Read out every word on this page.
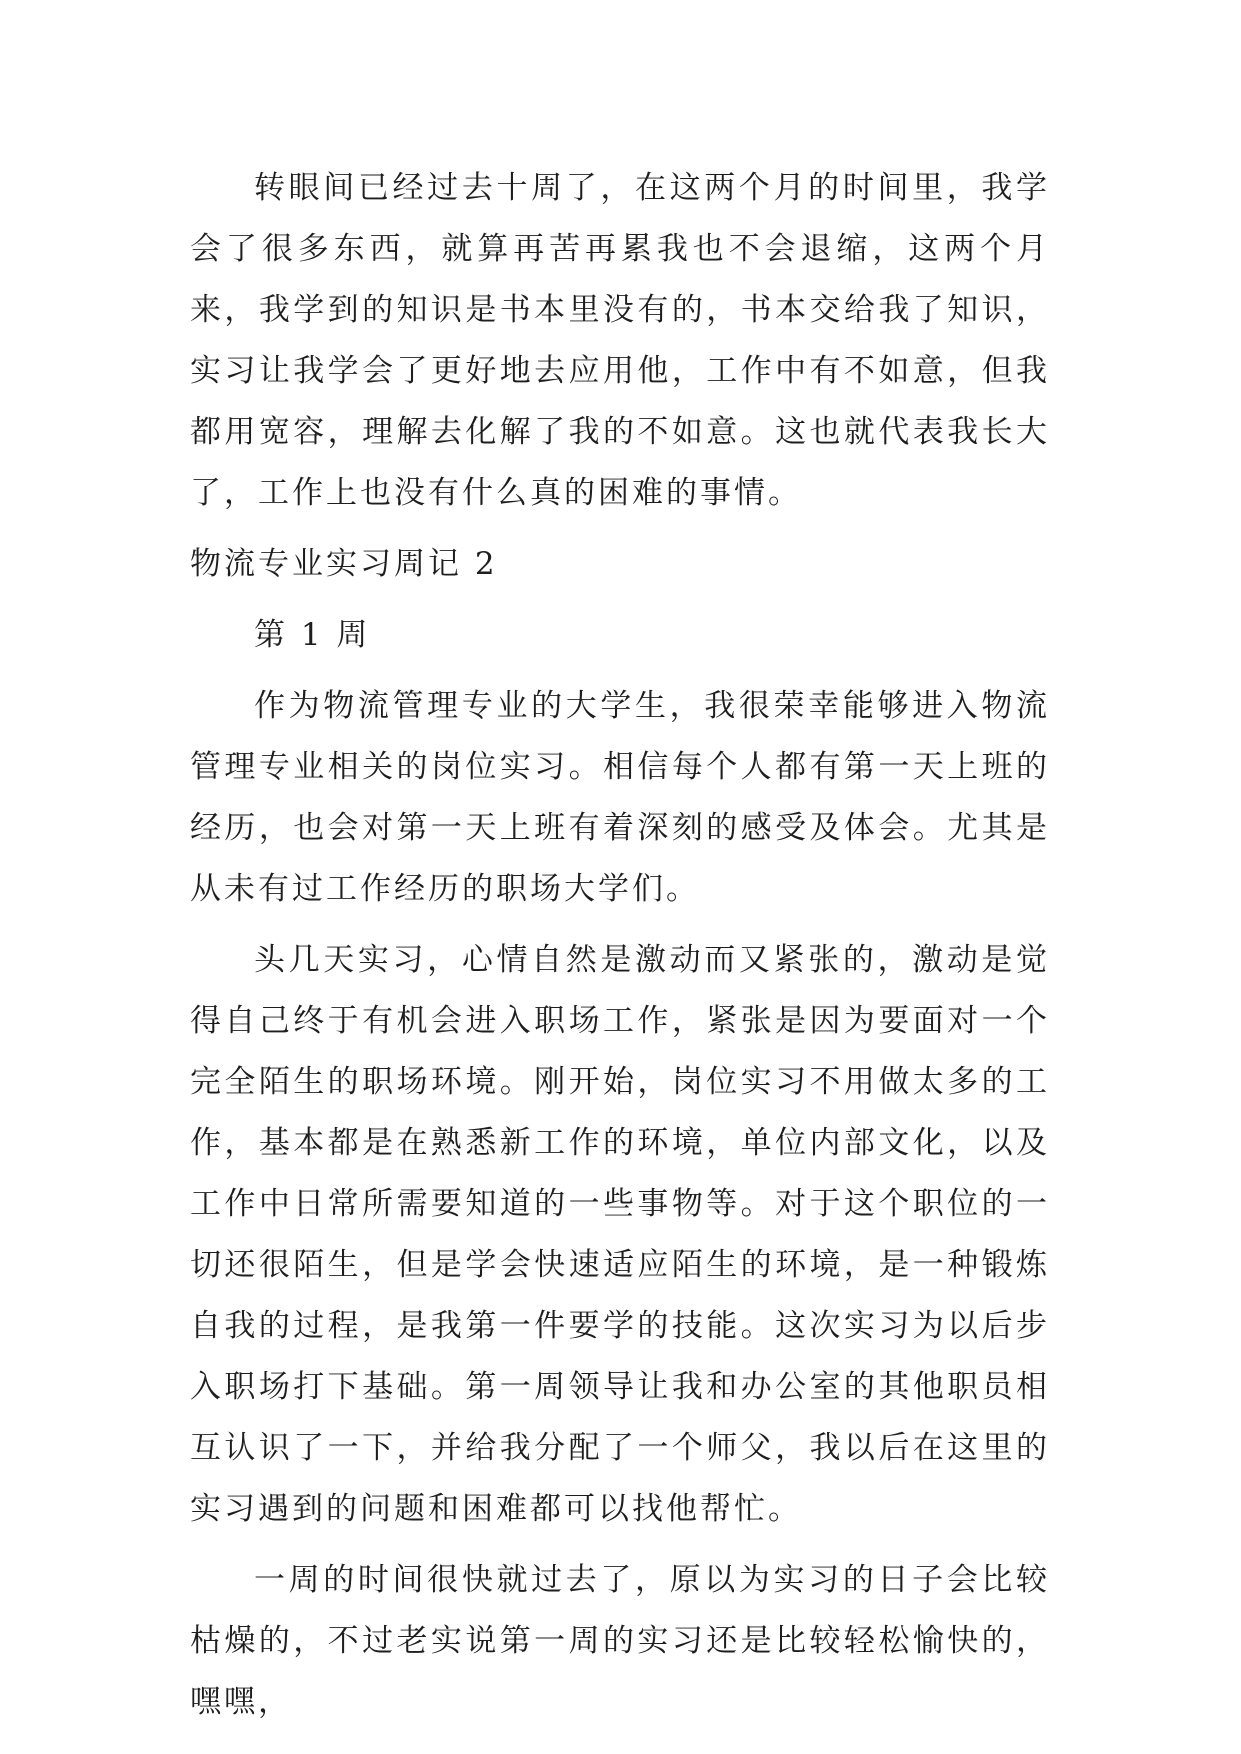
转眼间已经过去十周了，在这两个月的时间里，我学会了很多东西，就算再苦再累我也不会退缩，这两个月来，我学到的知识是书本里没有的，书本交给我了知识，实习让我学会了更好地去应用他，工作中有不如意，但我都用宽容，理解去化解了我的不如意。这也就代表我长大了，工作上也没有什么真的困难的事情。

物流专业实习周记 2

第 1 周

作为物流管理专业的大学生，我很荣幸能够进入物流管理专业相关的岗位实习。相信每个人都有第一天上班的经历，也会对第一天上班有着深刻的感受及体会。尤其是从未有过工作经历的职场大学们。

头几天实习，心情自然是激动而又紧张的，激动是觉得自己终于有机会进入职场工作，紧张是因为要面对一个完全陌生的职场环境。刚开始，岗位实习不用做太多的工作，基本都是在熟悉新工作的环境，单位内部文化，以及工作中日常所需要知道的一些事物等。对于这个职位的一切还很陌生，但是学会快速适应陌生的环境，是一种锻炼自我的过程，是我第一件要学的技能。这次实习为以后步入职场打下基础。第一周领导让我和办公室的其他职员相互认识了一下，并给我分配了一个师父，我以后在这里的实习遇到的问题和困难都可以找他帮忙。

一周的时间很快就过去了，原以为实习的日子会比较枯燥的，不过老实说第一周的实习还是比较轻松愉快的，嘿嘿，
